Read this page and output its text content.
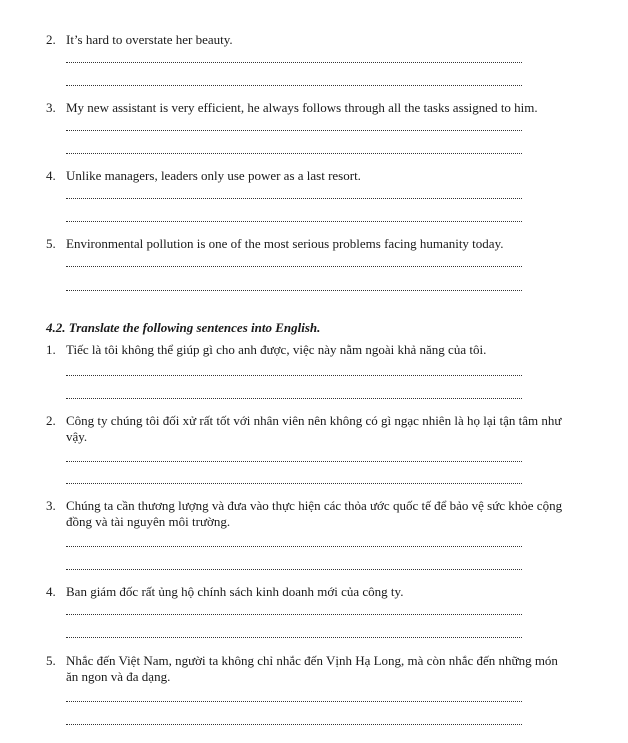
2. It’s hard to overstate her beauty.
3. My new assistant is very efficient, he always follows through all the tasks assigned to him.
4. Unlike managers, leaders only use power as a last resort.
5. Environmental pollution is one of the most serious problems facing humanity today.
4.2. Translate the following sentences into English.
1. Tiếc là tôi không thể giúp gì cho anh được, việc này nằm ngoài khả năng của tôi.
2. Công ty chúng tôi đối xử rất tốt với nhân viên nên không có gì ngạc nhiên là họ lại tận tâm như vậy.
3. Chúng ta cần thương lượng và đưa vào thực hiện các thỏa ước quốc tế để bảo vệ sức khỏe cộng đồng và tài nguyên môi trường.
4. Ban giám đốc rất ủng hộ chính sách kinh doanh mới của công ty.
5. Nhắc đến Việt Nam, người ta không chỉ nhắc đến Vịnh Hạ Long, mà còn nhắc đến những món ăn ngon và đa dạng.
